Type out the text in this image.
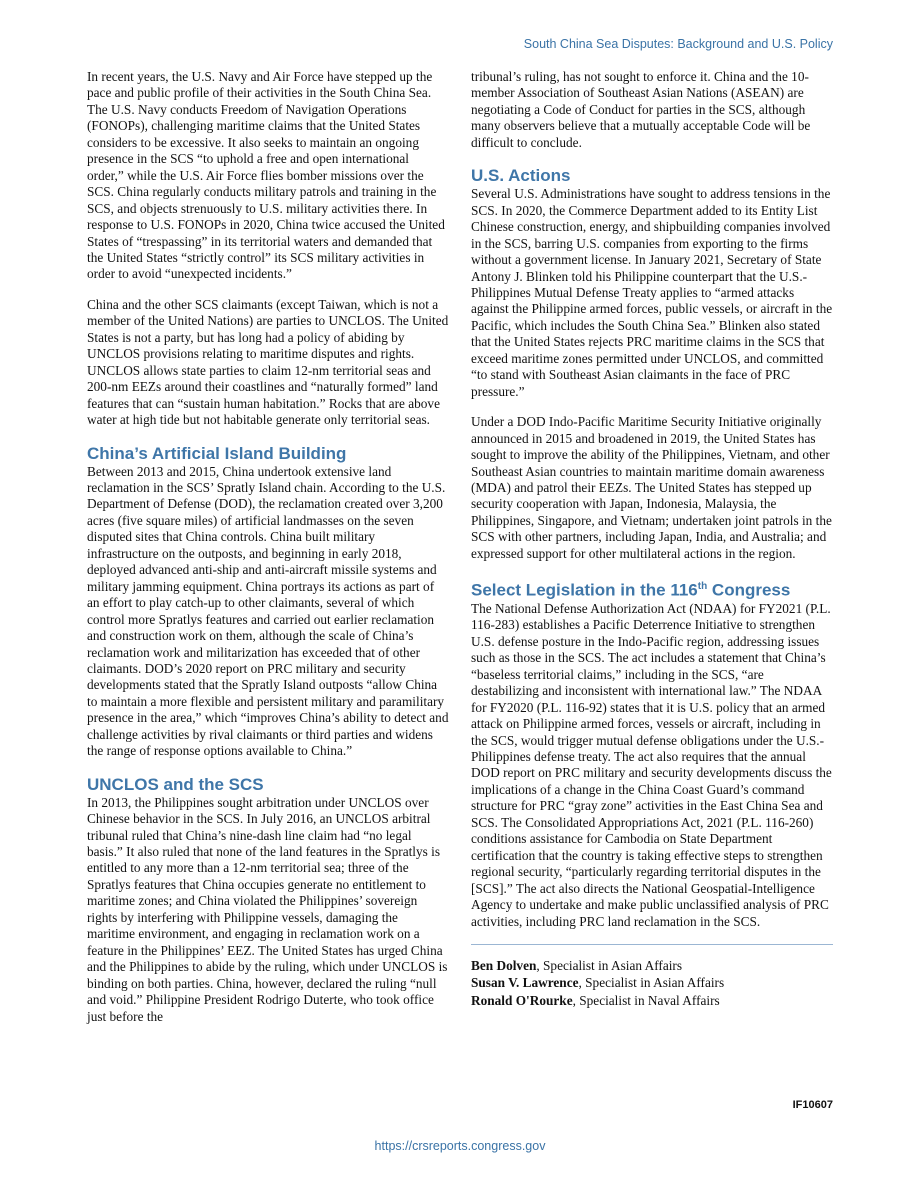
South China Sea Disputes: Background and U.S. Policy

In recent years, the U.S. Navy and Air Force have stepped up the pace and public profile of their activities in the South China Sea. The U.S. Navy conducts Freedom of Navigation Operations (FONOPs), challenging maritime claims that the United States considers to be excessive. It also seeks to maintain an ongoing presence in the SCS “to uphold a free and open international order,” while the U.S. Air Force flies bomber missions over the SCS. China regularly conducts military patrols and training in the SCS, and objects strenuously to U.S. military activities there. In response to U.S. FONOPs in 2020, China twice accused the United States of “trespassing” in its territorial waters and demanded that the United States “strictly control” its SCS military activities in order to avoid “unexpected incidents.”

China and the other SCS claimants (except Taiwan, which is not a member of the United Nations) are parties to UNCLOS. The United States is not a party, but has long had a policy of abiding by UNCLOS provisions relating to maritime disputes and rights. UNCLOS allows state parties to claim 12-nm territorial seas and 200-nm EEZs around their coastlines and “naturally formed” land features that can “sustain human habitation.” Rocks that are above water at high tide but not habitable generate only territorial seas.

China’s Artificial Island Building

Between 2013 and 2015, China undertook extensive land reclamation in the SCS’ Spratly Island chain. According to the U.S. Department of Defense (DOD), the reclamation created over 3,200 acres (five square miles) of artificial landmasses on the seven disputed sites that China controls. China built military infrastructure on the outposts, and beginning in early 2018, deployed advanced anti-ship and anti-aircraft missile systems and military jamming equipment. China portrays its actions as part of an effort to play catch-up to other claimants, several of which control more Spratlys features and carried out earlier reclamation and construction work on them, although the scale of China’s reclamation work and militarization has exceeded that of other claimants. DOD’s 2020 report on PRC military and security developments stated that the Spratly Island outposts “allow China to maintain a more flexible and persistent military and paramilitary presence in the area,” which “improves China’s ability to detect and challenge activities by rival claimants or third parties and widens the range of response options available to China.”

UNCLOS and the SCS

In 2013, the Philippines sought arbitration under UNCLOS over Chinese behavior in the SCS. In July 2016, an UNCLOS arbitral tribunal ruled that China’s nine-dash line claim had “no legal basis.” It also ruled that none of the land features in the Spratlys is entitled to any more than a 12-nm territorial sea; three of the Spratlys features that China occupies generate no entitlement to maritime zones; and China violated the Philippines’ sovereign rights by interfering with Philippine vessels, damaging the maritime environment, and engaging in reclamation work on a feature in the Philippines’ EEZ. The United States has urged China and the Philippines to abide by the ruling, which under UNCLOS is binding on both parties. China, however, declared the ruling “null and void.” Philippine President Rodrigo Duterte, who took office just before the

tribunal’s ruling, has not sought to enforce it. China and the 10-member Association of Southeast Asian Nations (ASEAN) are negotiating a Code of Conduct for parties in the SCS, although many observers believe that a mutually acceptable Code will be difficult to conclude.

U.S. Actions

Several U.S. Administrations have sought to address tensions in the SCS. In 2020, the Commerce Department added to its Entity List Chinese construction, energy, and shipbuilding companies involved in the SCS, barring U.S. companies from exporting to the firms without a government license. In January 2021, Secretary of State Antony J. Blinken told his Philippine counterpart that the U.S.-Philippines Mutual Defense Treaty applies to “armed attacks against the Philippine armed forces, public vessels, or aircraft in the Pacific, which includes the South China Sea.” Blinken also stated that the United States rejects PRC maritime claims in the SCS that exceed maritime zones permitted under UNCLOS, and committed “to stand with Southeast Asian claimants in the face of PRC pressure.”

Under a DOD Indo-Pacific Maritime Security Initiative originally announced in 2015 and broadened in 2019, the United States has sought to improve the ability of the Philippines, Vietnam, and other Southeast Asian countries to maintain maritime domain awareness (MDA) and patrol their EEZs. The United States has stepped up security cooperation with Japan, Indonesia, Malaysia, the Philippines, Singapore, and Vietnam; undertaken joint patrols in the SCS with other partners, including Japan, India, and Australia; and expressed support for other multilateral actions in the region.

Select Legislation in the 116th Congress

The National Defense Authorization Act (NDAA) for FY2021 (P.L. 116-283) establishes a Pacific Deterrence Initiative to strengthen U.S. defense posture in the Indo-Pacific region, addressing issues such as those in the SCS. The act includes a statement that China’s “baseless territorial claims,” including in the SCS, “are destabilizing and inconsistent with international law.” The NDAA for FY2020 (P.L. 116-92) states that it is U.S. policy that an armed attack on Philippine armed forces, vessels or aircraft, including in the SCS, would trigger mutual defense obligations under the U.S.-Philippines defense treaty. The act also requires that the annual DOD report on PRC military and security developments discuss the implications of a change in the China Coast Guard’s command structure for PRC “gray zone” activities in the East China Sea and SCS. The Consolidated Appropriations Act, 2021 (P.L. 116-260) conditions assistance for Cambodia on State Department certification that the country is taking effective steps to strengthen regional security, “particularly regarding territorial disputes in the [SCS].” The act also directs the National Geospatial-Intelligence Agency to undertake and make public unclassified analysis of PRC activities, including PRC land reclamation in the SCS.

Ben Dolven, Specialist in Asian Affairs

Susan V. Lawrence, Specialist in Asian Affairs

Ronald O'Rourke, Specialist in Naval Affairs

IF10607
https://crsreports.congress.gov
